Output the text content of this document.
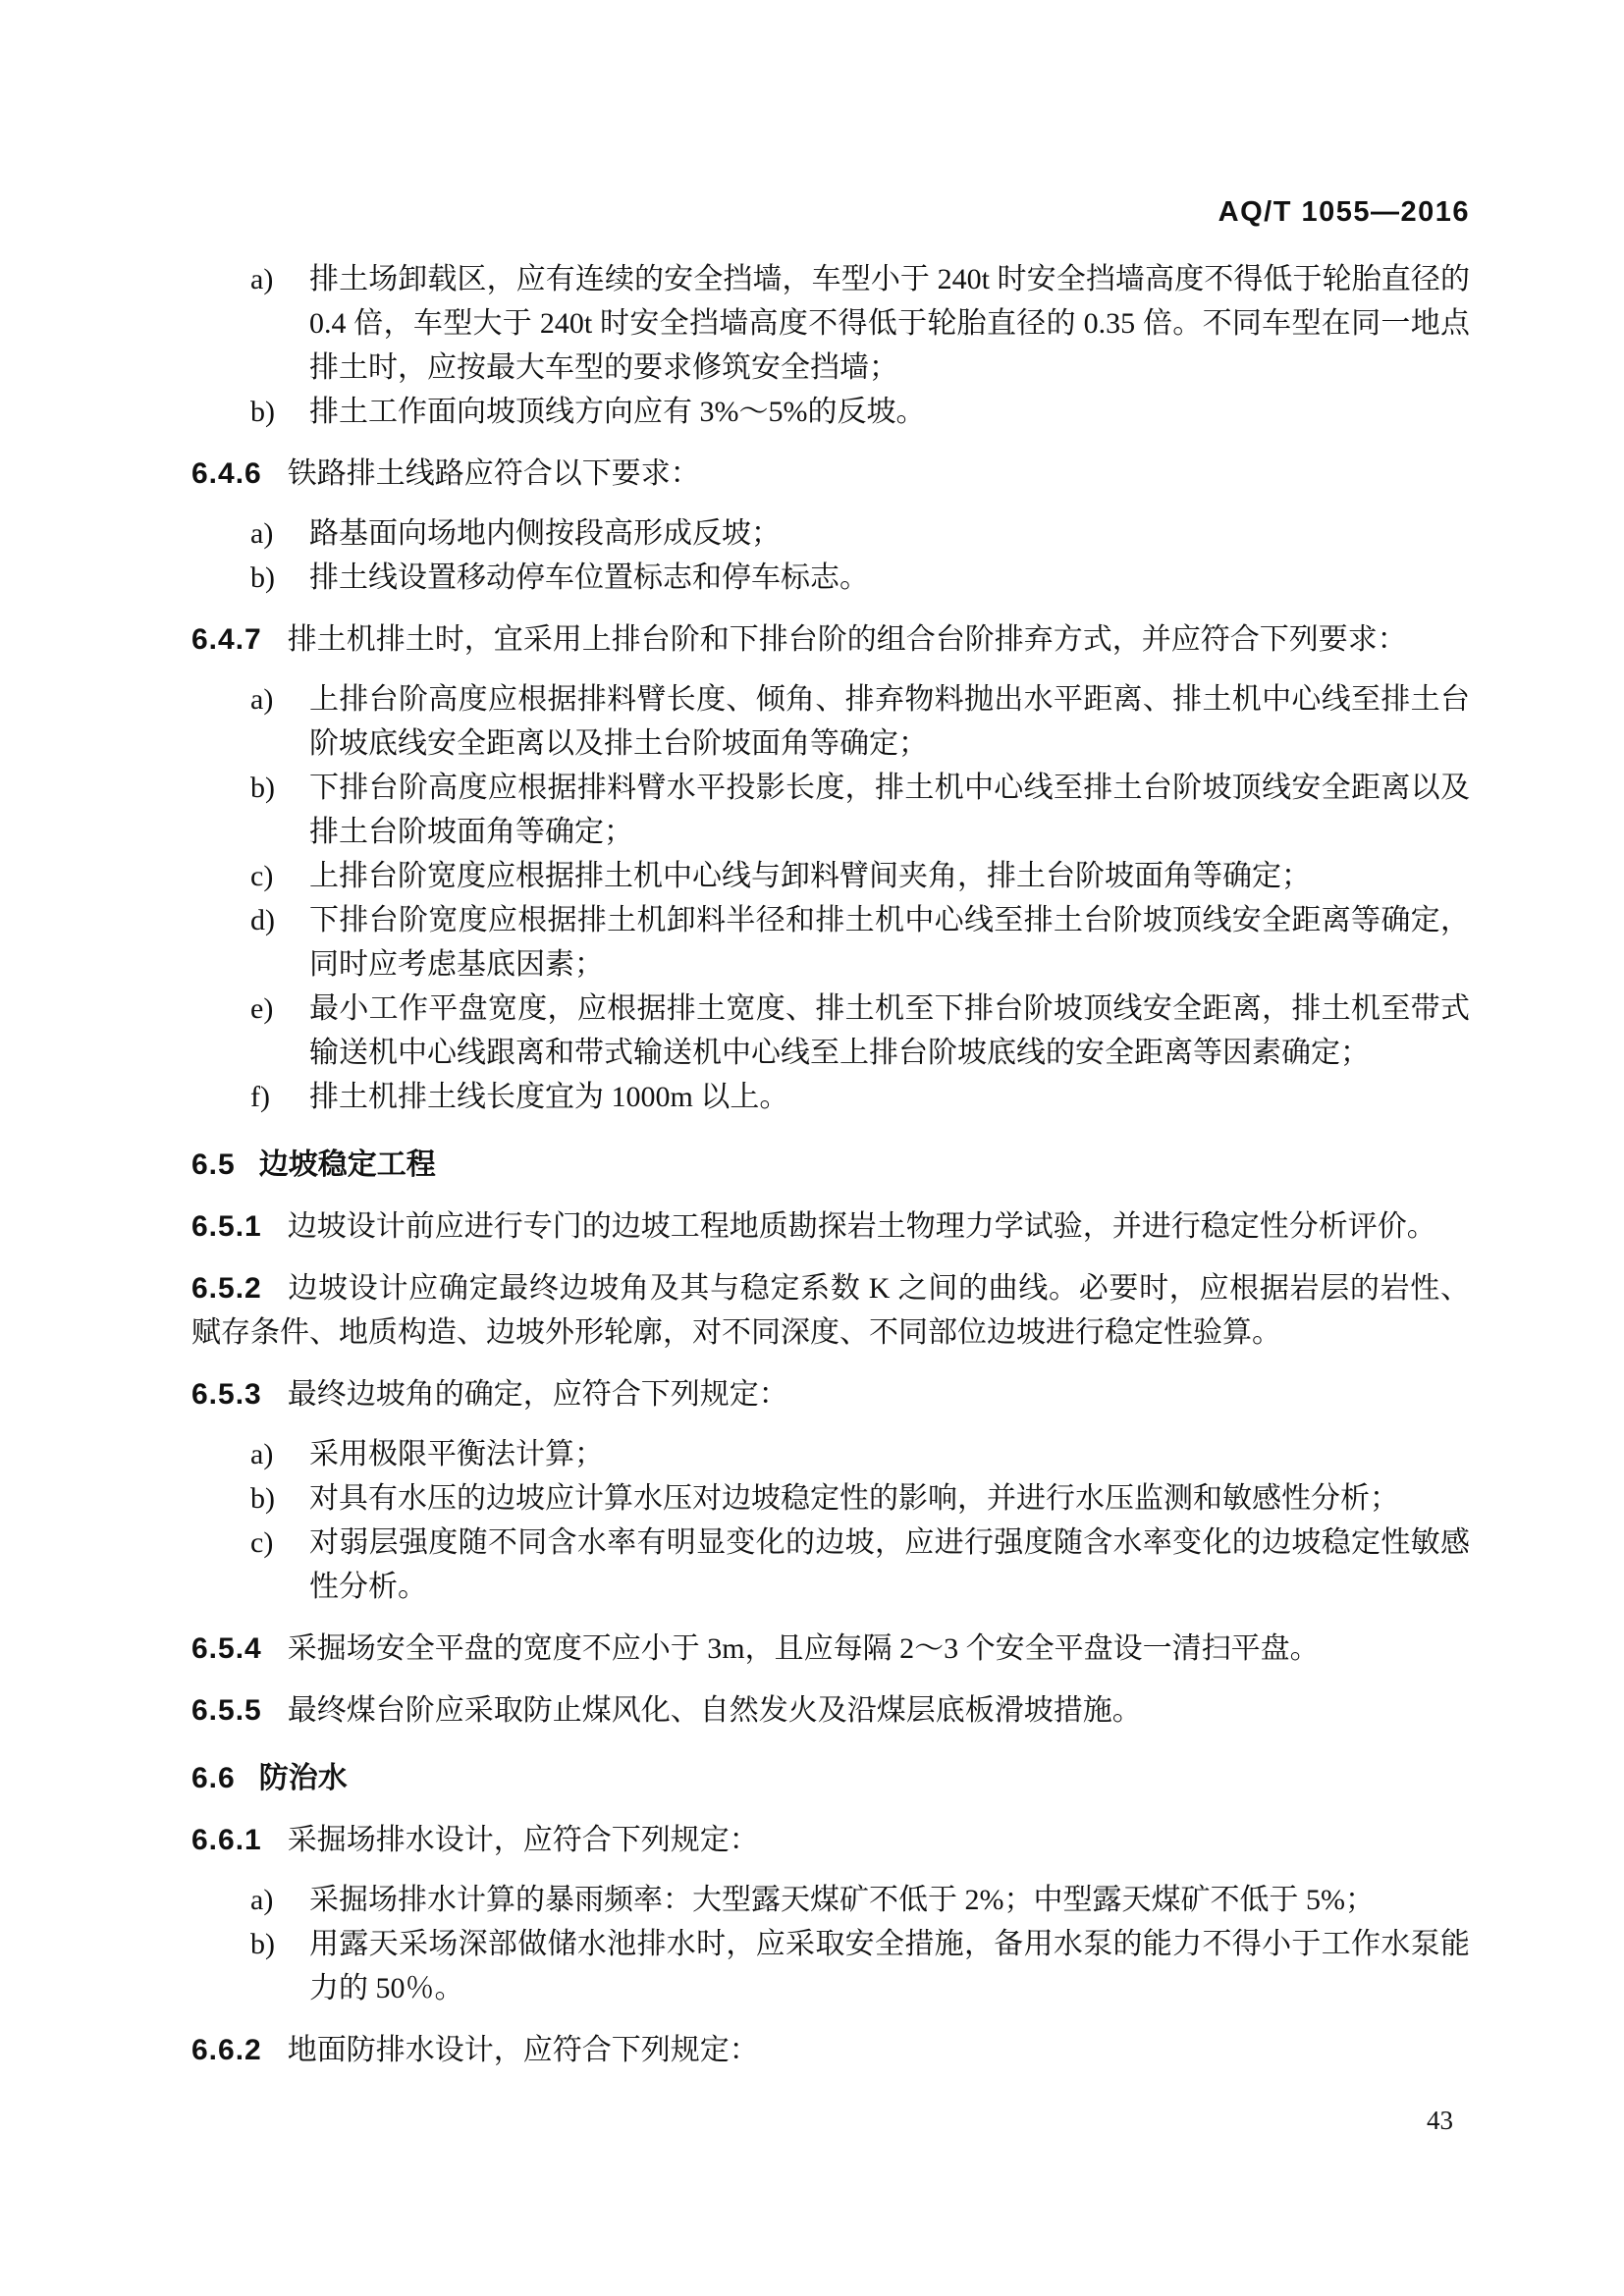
AQ/T 1055—2016
a) 排土场卸载区，应有连续的安全挡墙，车型小于 240t 时安全挡墙高度不得低于轮胎直径的 0.4 倍，车型大于 240t 时安全挡墙高度不得低于轮胎直径的 0.35 倍。不同车型在同一地点排土时，应按最大车型的要求修筑安全挡墙；
b) 排土工作面向坡顶线方向应有 3%～5%的反坡。

6.4.6 铁路排土线路应符合以下要求：

a) 路基面向场地内侧按段高形成反坡；
b) 排土线设置移动停车位置标志和停车标志。

6.4.7 排土机排土时，宜采用上排台阶和下排台阶的组合台阶排弃方式，并应符合下列要求：

a) 上排台阶高度应根据排料臂长度、倾角、排弃物料抛出水平距离、排土机中心线至排土台阶坡底线安全距离以及排土台阶坡面角等确定；
b) 下排台阶高度应根据排料臂水平投影长度，排土机中心线至排土台阶坡顶线安全距离以及排土台阶坡面角等确定；
c) 上排台阶宽度应根据排土机中心线与卸料臂间夹角，排土台阶坡面角等确定；
d) 下排台阶宽度应根据排土机卸料半径和排土机中心线至排土台阶坡顶线安全距离等确定，同时应考虑基底因素；
e) 最小工作平盘宽度，应根据排土宽度、排土机至下排台阶坡顶线安全距离，排土机至带式输送机中心线跟离和带式输送机中心线至上排台阶坡底线的安全距离等因素确定；
f) 排土机排土线长度宜为 1000m 以上。
6.5 边坡稳定工程

6.5.1 边坡设计前应进行专门的边坡工程地质勘探岩土物理力学试验，并进行稳定性分析评价。

6.5.2 边坡设计应确定最终边坡角及其与稳定系数 K 之间的曲线。必要时，应根据岩层的岩性、赋存条件、地质构造、边坡外形轮廓，对不同深度、不同部位边坡进行稳定性验算。

6.5.3 最终边坡角的确定，应符合下列规定：

a) 采用极限平衡法计算；
b) 对具有水压的边坡应计算水压对边坡稳定性的影响，并进行水压监测和敏感性分析；
c) 对弱层强度随不同含水率有明显变化的边坡，应进行强度随含水率变化的边坡稳定性敏感性分析。

6.5.4 采掘场安全平盘的宽度不应小于 3m，且应每隔 2～3 个安全平盘设一清扫平盘。

6.5.5 最终煤台阶应采取防止煤风化、自然发火及沿煤层底板滑坡措施。

6.6 防治水

6.6.1 采掘场排水设计，应符合下列规定：

a) 采掘场排水计算的暴雨频率：大型露天煤矿不低于 2%；中型露天煤矿不低于 5%；
b) 用露天采场深部做储水池排水时，应采取安全措施，备用水泵的能力不得小于工作水泵能力的 50％。

6.6.2 地面防排水设计，应符合下列规定：

43
